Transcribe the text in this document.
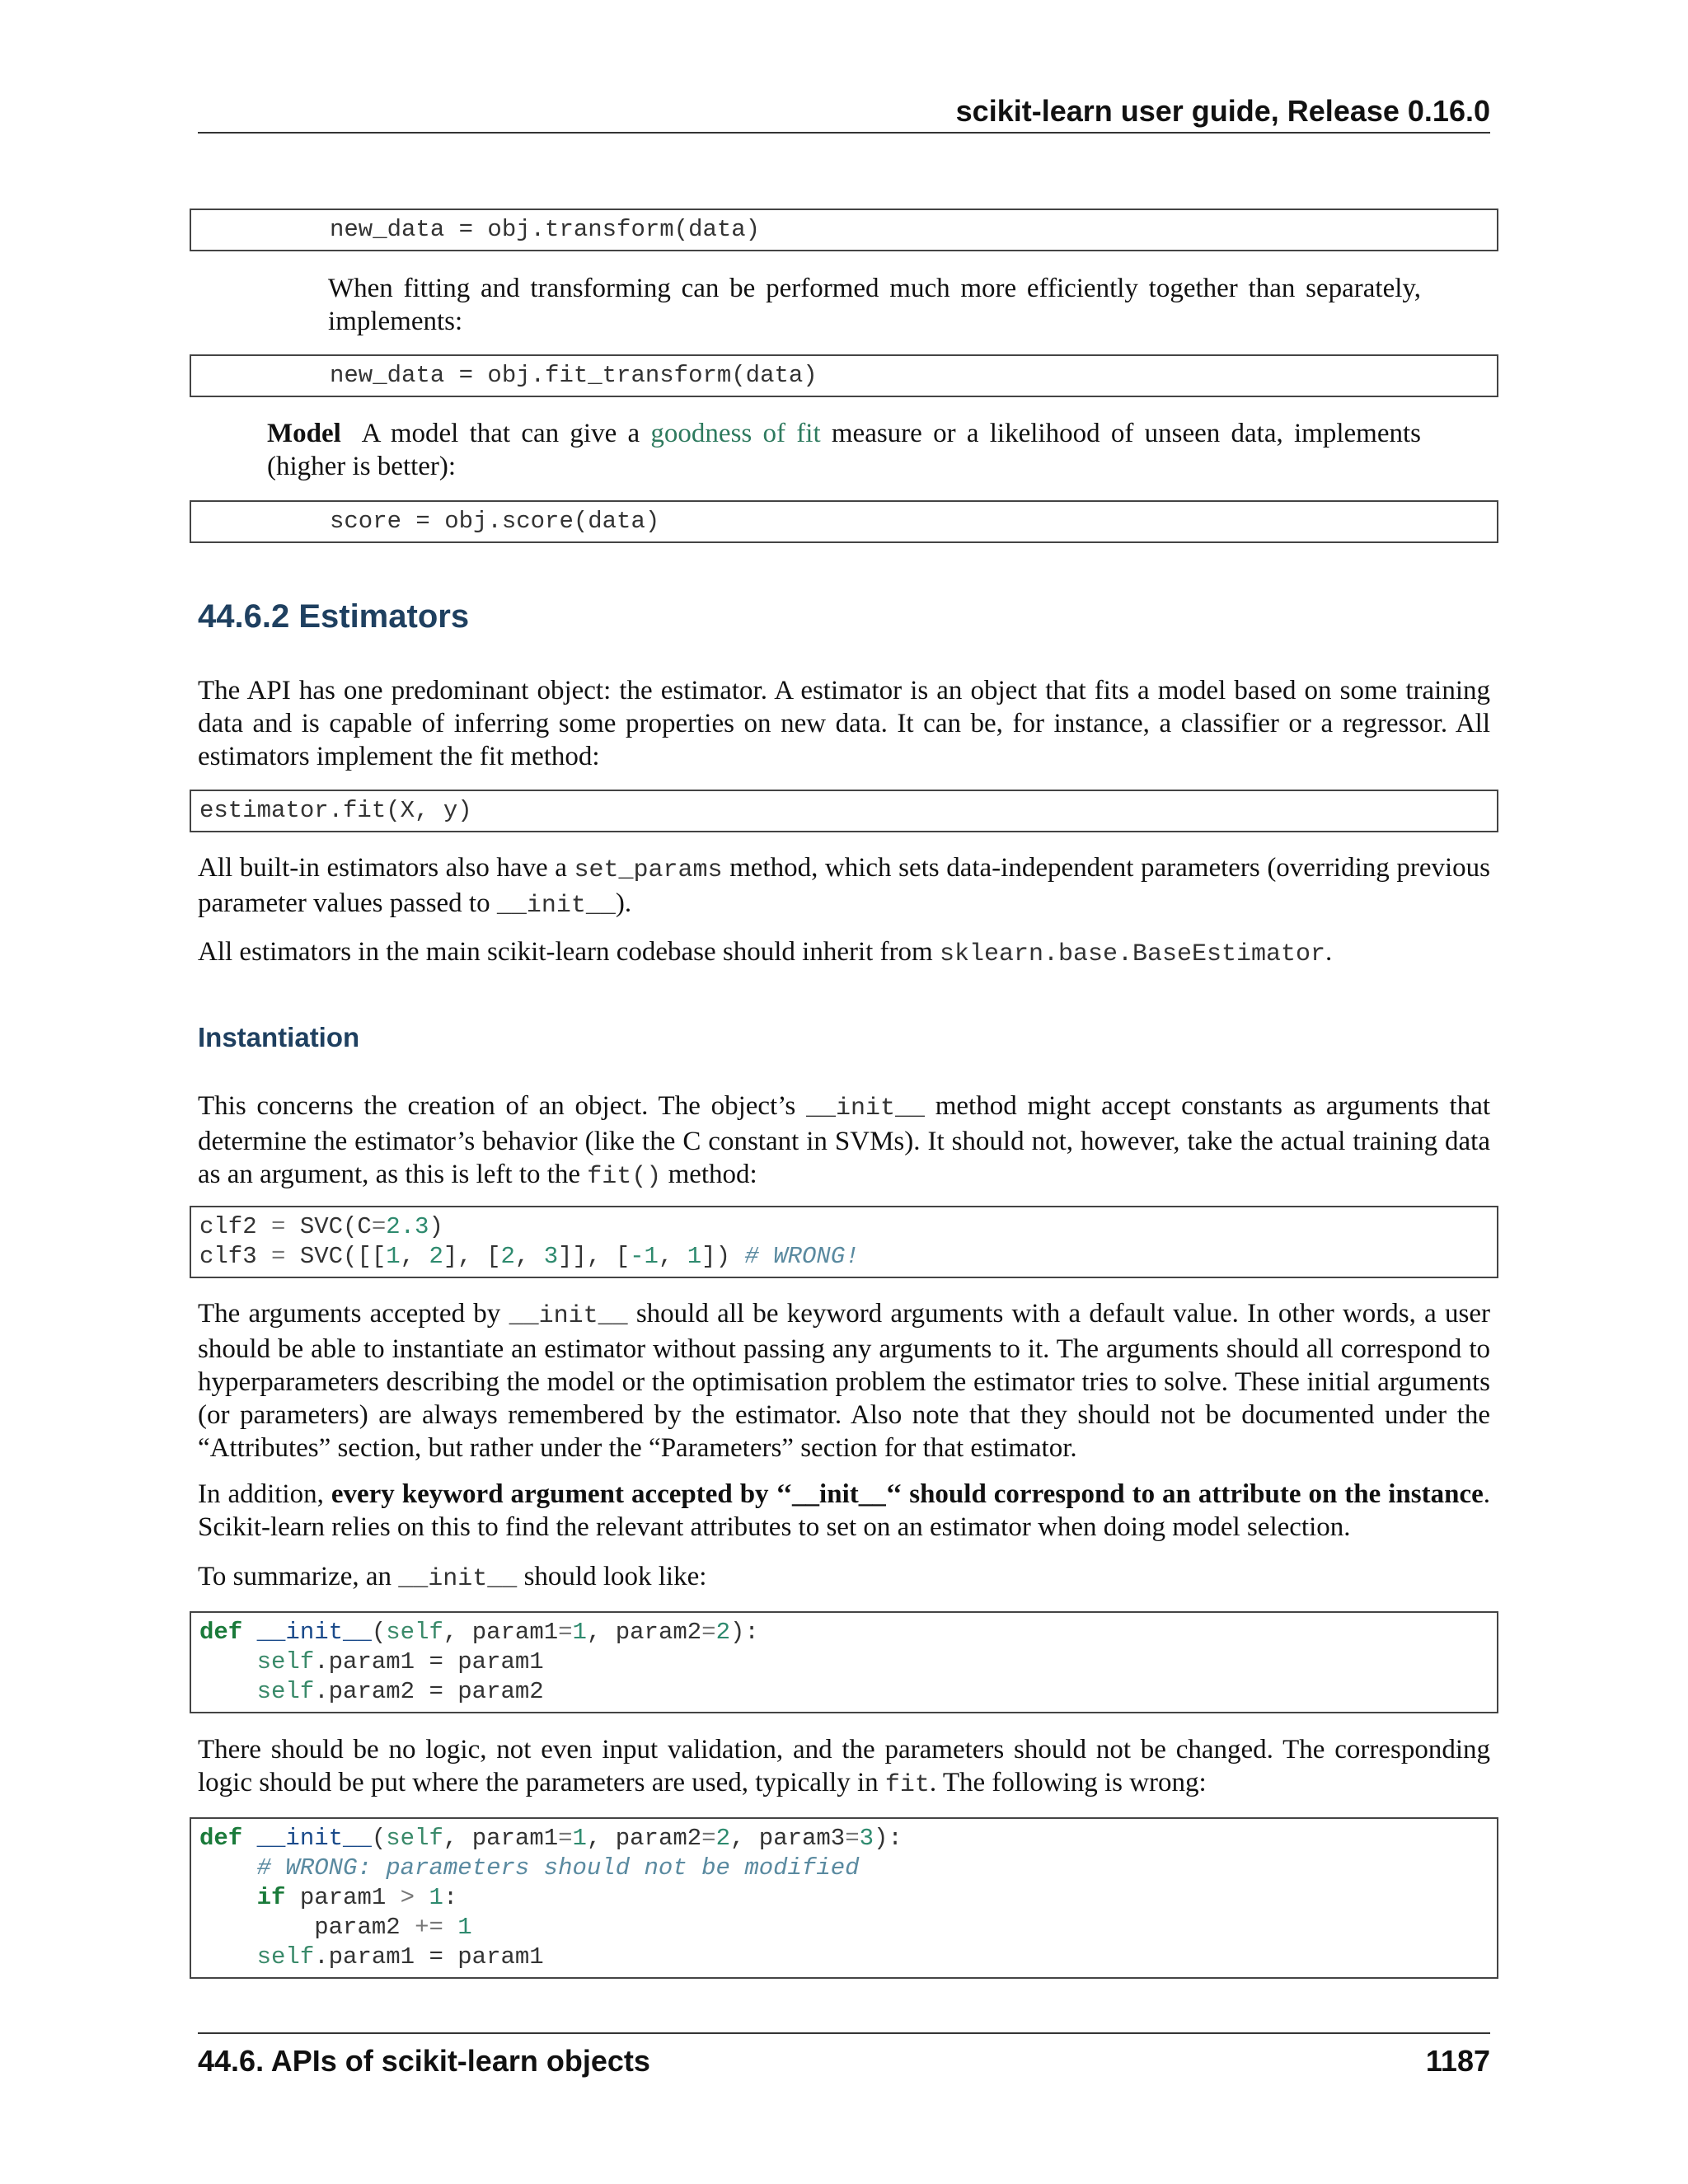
scikit-learn user guide, Release 0.16.0
new_data = obj.transform(data)
When fitting and transforming can be performed much more efficiently together than separately, implements:
new_data = obj.fit_transform(data)
Model A model that can give a goodness of fit measure or a likelihood of unseen data, implements (higher is better):
score = obj.score(data)
44.6.2 Estimators
The API has one predominant object: the estimator. A estimator is an object that fits a model based on some training data and is capable of inferring some properties on new data. It can be, for instance, a classifier or a regressor. All estimators implement the fit method:
estimator.fit(X, y)
All built-in estimators also have a set_params method, which sets data-independent parameters (overriding previous parameter values passed to __init__).
All estimators in the main scikit-learn codebase should inherit from sklearn.base.BaseEstimator.
Instantiation
This concerns the creation of an object. The object’s __init__ method might accept constants as arguments that determine the estimator’s behavior (like the C constant in SVMs). It should not, however, take the actual training data as an argument, as this is left to the fit() method:
clf2 = SVC(C=2.3)
clf3 = SVC([[1, 2], [2, 3]], [-1, 1]) # WRONG!
The arguments accepted by __init__ should all be keyword arguments with a default value. In other words, a user should be able to instantiate an estimator without passing any arguments to it. The arguments should all correspond to hyperparameters describing the model or the optimisation problem the estimator tries to solve. These initial arguments (or parameters) are always remembered by the estimator. Also note that they should not be documented under the “Attributes” section, but rather under the “Parameters” section for that estimator.
In addition, every keyword argument accepted by ‘‘__init__‘‘ should correspond to an attribute on the instance. Scikit-learn relies on this to find the relevant attributes to set on an estimator when doing model selection.
To summarize, an __init__ should look like:
def __init__(self, param1=1, param2=2):
self.param1 = param1
self.param2 = param2
There should be no logic, not even input validation, and the parameters should not be changed. The corresponding logic should be put where the parameters are used, typically in fit. The following is wrong:
def __init__(self, param1=1, param2=2, param3=3):
# WRONG: parameters should not be modified
if param1 > 1:
param2 += 1
self.param1 = param1
44.6. APIs of scikit-learn objects	1187
